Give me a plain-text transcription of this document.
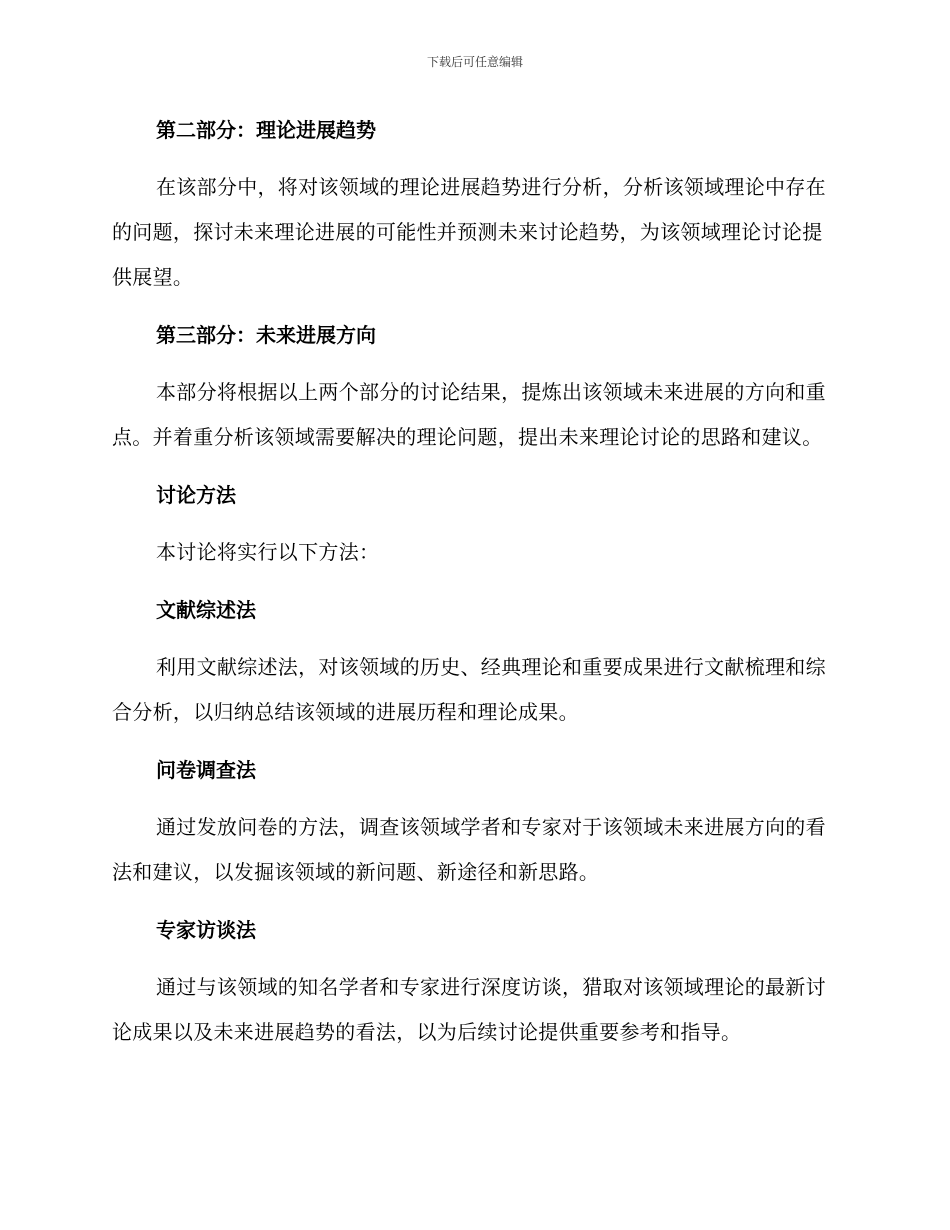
下载后可任意编辑

第二部分：理论进展趋势

在该部分中，将对该领域的理论进展趋势进行分析，分析该领域理论中存在的问题，探讨未来理论进展的可能性并预测未来讨论趋势，为该领域理论讨论提供展望。

第三部分：未来进展方向

本部分将根据以上两个部分的讨论结果，提炼出该领域未来进展的方向和重点。并着重分析该领域需要解决的理论问题，提出未来理论讨论的思路和建议。

讨论方法

本讨论将实行以下方法：

文献综述法

利用文献综述法，对该领域的历史、经典理论和重要成果进行文献梳理和综合分析，以归纳总结该领域的进展历程和理论成果。

问卷调查法

通过发放问卷的方法，调查该领域学者和专家对于该领域未来进展方向的看法和建议，以发掘该领域的新问题、新途径和新思路。

专家访谈法

通过与该领域的知名学者和专家进行深度访谈，猎取对该领域理论的最新讨论成果以及未来进展趋势的看法，以为后续讨论提供重要参考和指导。
